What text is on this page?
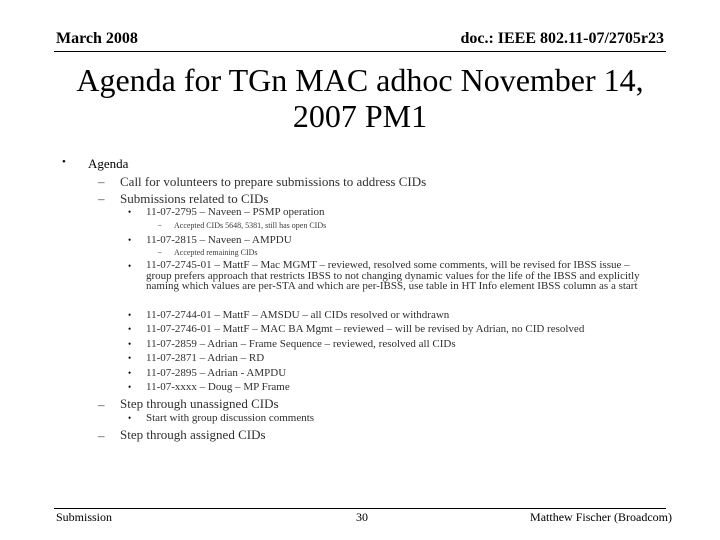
March 2008	doc.: IEEE 802.11-07/2705r23
Agenda for TGn MAC adhoc November 14,
2007 PM1
• Agenda
– Call for volunteers to prepare submissions to address CIDs
– Submissions related to CIDs
• 11-07-2795 – Naveen – PSMP operation
– Accepted CIDs 5648, 5381, still has open CIDs
• 11-07-2815 – Naveen – AMPDU
– Accepted remaining CIDs
• 11-07-2745-01 – MattF – Mac MGMT – reviewed, resolved some comments, will be revised for IBSS issue – group prefers approach that restricts IBSS to not changing dynamic values for the life of the IBSS and explicitly naming which values are per-STA and which are per-IBSS, use table in HT Info element IBSS column as a start
• 11-07-2744-01 – MattF – AMSDU – all CIDs resolved or withdrawn
• 11-07-2746-01 – MattF – MAC BA Mgmt – reviewed – will be revised by Adrian, no CID resolved
• 11-07-2859 – Adrian – Frame Sequence – reviewed, resolved all CIDs
• 11-07-2871 – Adrian – RD
• 11-07-2895 – Adrian - AMPDU
• 11-07-xxxx – Doug – MP Frame
– Step through unassigned CIDs
• Start with group discussion comments
– Step through assigned CIDs
Submission	30	Matthew Fischer (Broadcom)
